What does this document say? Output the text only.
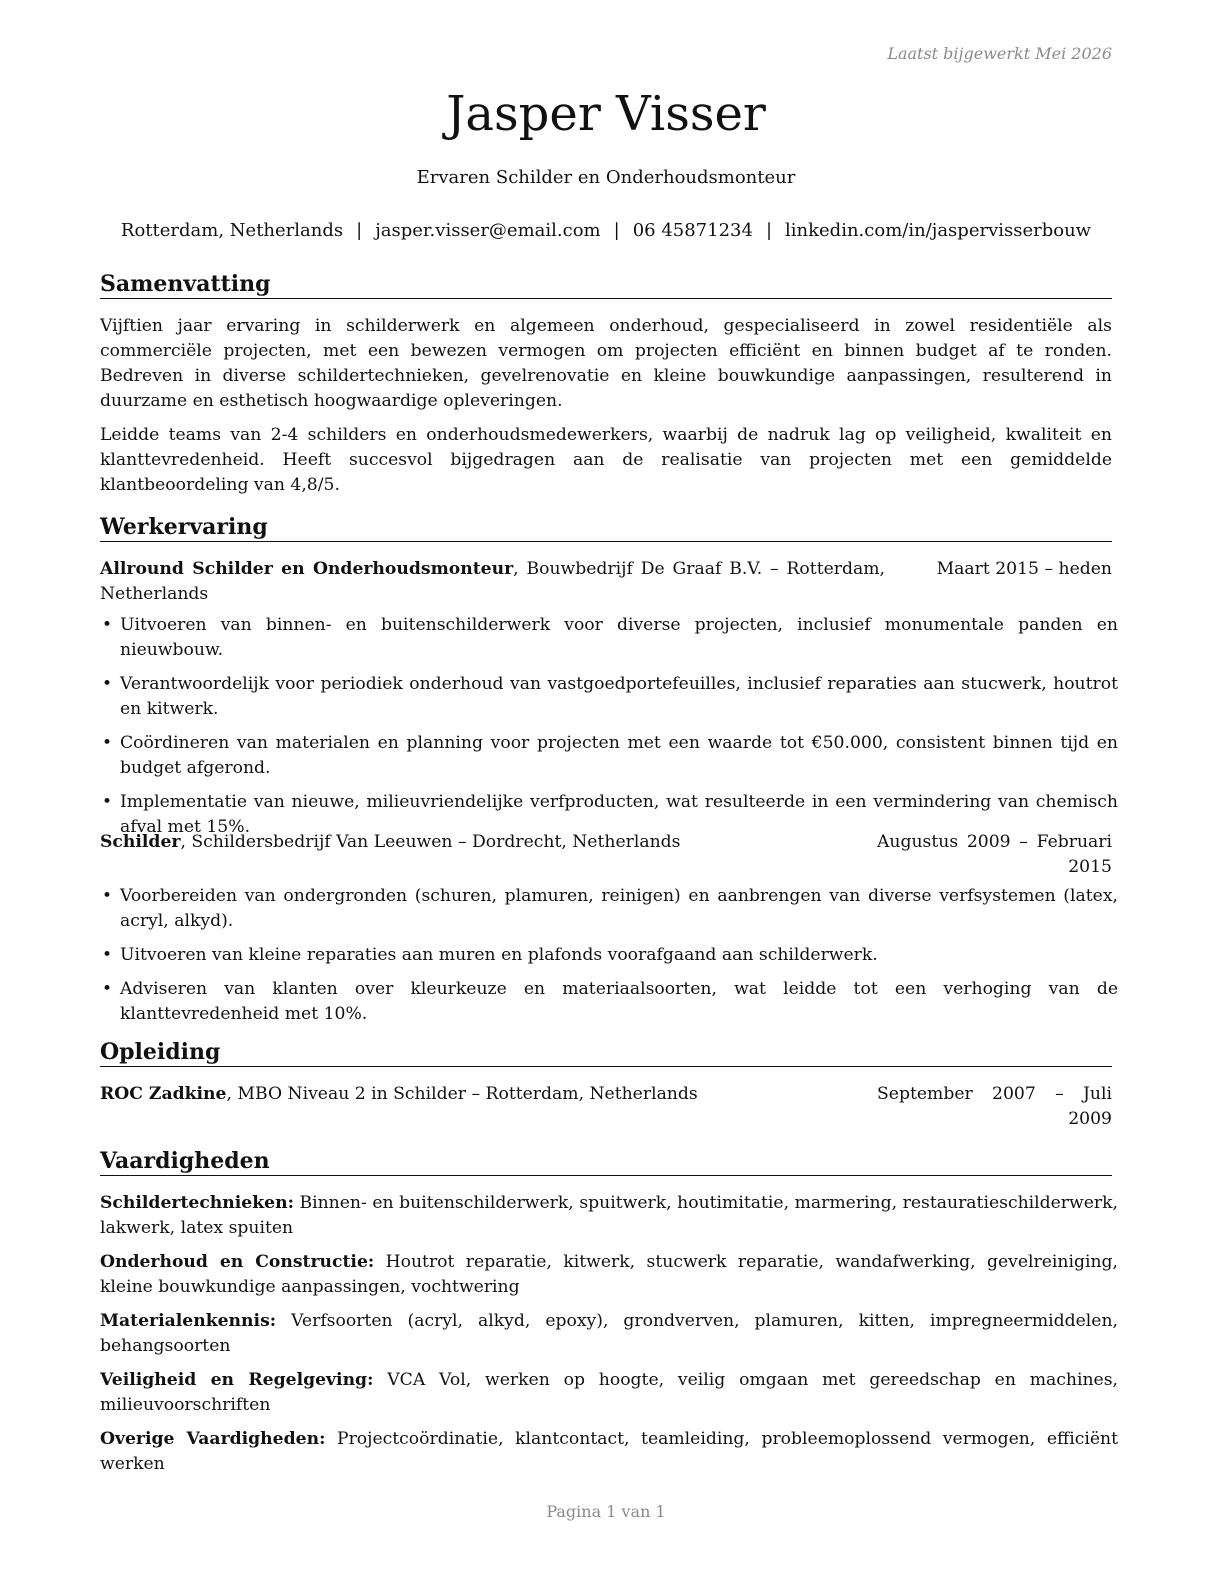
Laatst bijgewerkt Mei 2026
Jasper Visser
Ervaren Schilder en Onderhoudsmonteur
Rotterdam, Netherlands | jasper.visser@email.com | 06 45871234 | linkedin.com/in/jaspervisserbouw
Samenvatting
Vijftien jaar ervaring in schilderwerk en algemeen onderhoud, gespecialiseerd in zowel residentiële als commerciële projecten, met een bewezen vermogen om projecten efficiënt en binnen budget af te ronden. Bedreven in diverse schildertechnieken, gevelrenovatie en kleine bouwkundige aanpassingen, resulterend in duurzame en esthetisch hoogwaardige opleveringen.
Leidde teams van 2-4 schilders en onderhoudsmedewerkers, waarbij de nadruk lag op veiligheid, kwaliteit en klanttevredenheid. Heeft succesvol bijgedragen aan de realisatie van projecten met een gemiddelde klantbeoordeling van 4,8/5.
Werkervaring
Allround Schilder en Onderhoudsmonteur, Bouwbedrijf De Graaf B.V. – Rotterdam, Netherlands
Maart 2015 – heden
• Uitvoeren van binnen- en buitenschilderwerk voor diverse projecten, inclusief monumentale panden en nieuwbouw.
• Verantwoordelijk voor periodiek onderhoud van vastgoedportefeuilles, inclusief reparaties aan stucwerk, houtrot en kitwerk.
• Coördineren van materialen en planning voor projecten met een waarde tot €50.000, consistent binnen tijd en budget afgerond.
• Implementatie van nieuwe, milieuvriendelijke verfproducten, wat resulteerde in een vermindering van chemisch afval met 15%.
Schilder, Schildersbedrijf Van Leeuwen – Dordrecht, Netherlands	Augustus 2009 – Februari 2015
• Voorbereiden van ondergronden (schuren, plamuren, reinigen) en aanbrengen van diverse verfsystemen (latex, acryl, alkyd).
• Uitvoeren van kleine reparaties aan muren en plafonds voorafgaand aan schilderwerk.
• Adviseren van klanten over kleurkeuze en materiaalsoorten, wat leidde tot een verhoging van de klanttevredenheid met 10%.
Opleiding
ROC Zadkine, MBO Niveau 2 in Schilder – Rotterdam, Netherlands	September 2007 – Juli 2009
Vaardigheden
Schildertechnieken: Binnen- en buitenschilderwerk, spuitwerk, houtimitatie, marmering, restauratieschilderwerk, lakwerk, latex spuiten
Onderhoud en Constructie: Houtrot reparatie, kitwerk, stucwerk reparatie, wandafwerking, gevelreiniging, kleine bouwkundige aanpassingen, vochtwering
Materialenkennis: Verfsoorten (acryl, alkyd, epoxy), grondverven, plamuren, kitten, impregneermiddelen, behangsoorten
Veiligheid en Regelgeving: VCA Vol, werken op hoogte, veilig omgaan met gereedschap en machines, milieuvoorschriften
Overige Vaardigheden: Projectcoördinatie, klantcontact, teamleiding, probleemoplossend vermogen, efficiënt werken
Pagina 1 van 1
